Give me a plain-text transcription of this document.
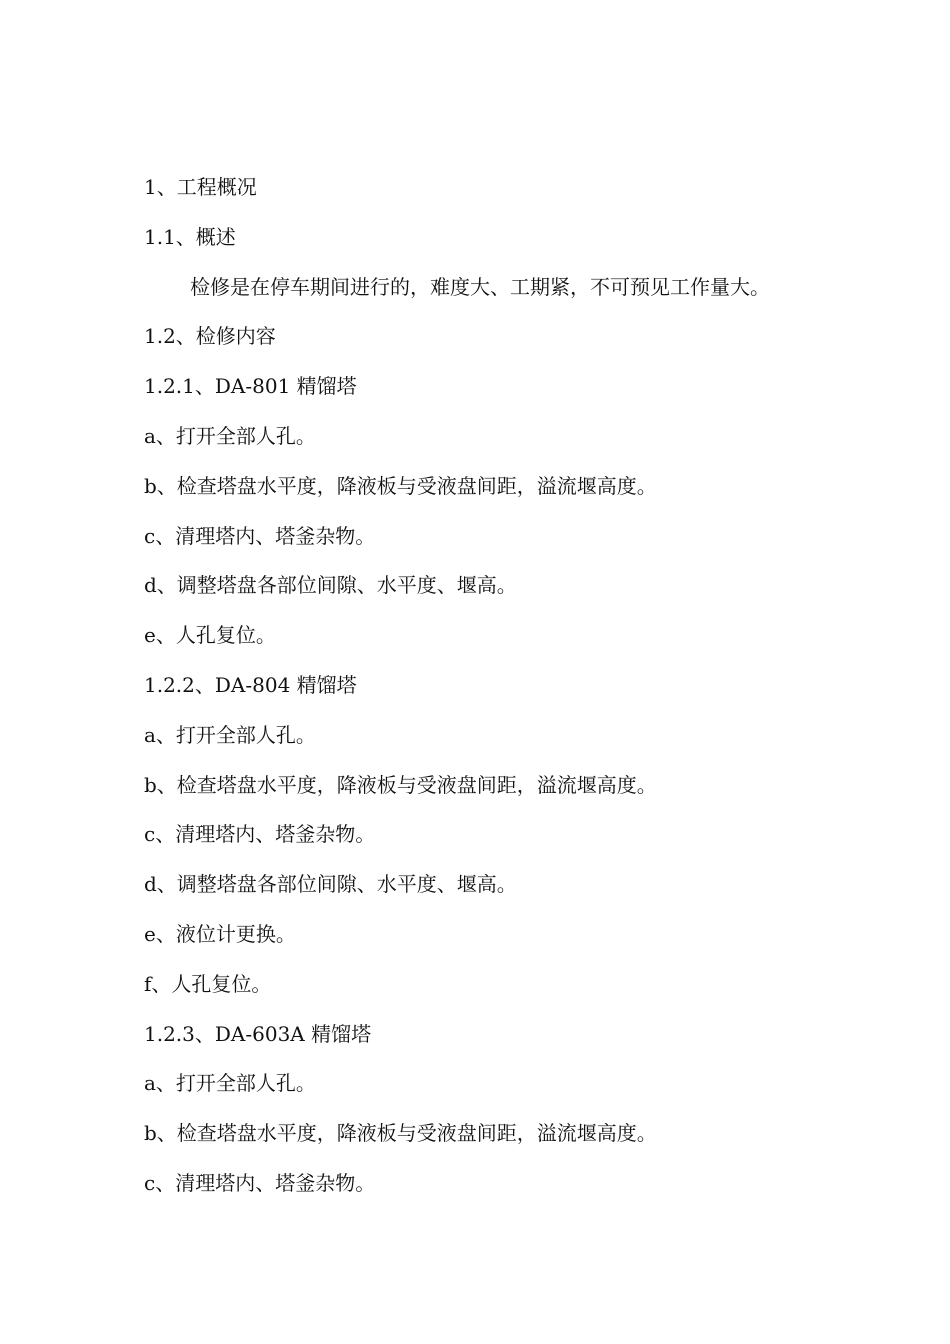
1、工程概况
1.1、概述
检修是在停车期间进行的，难度大、工期紧，不可预见工作量大。
1.2、检修内容
1.2.1、DA-801 精馏塔
a、打开全部人孔。
b、检查塔盘水平度，降液板与受液盘间距，溢流堰高度。
c、清理塔内、塔釜杂物。
d、调整塔盘各部位间隙、水平度、堰高。
e、人孔复位。
1.2.2、DA-804 精馏塔
a、打开全部人孔。
b、检查塔盘水平度，降液板与受液盘间距，溢流堰高度。
c、清理塔内、塔釜杂物。
d、调整塔盘各部位间隙、水平度、堰高。
e、液位计更换。
f、人孔复位。
1.2.3、DA-603A 精馏塔
a、打开全部人孔。
b、检查塔盘水平度，降液板与受液盘间距，溢流堰高度。
c、清理塔内、塔釜杂物。
